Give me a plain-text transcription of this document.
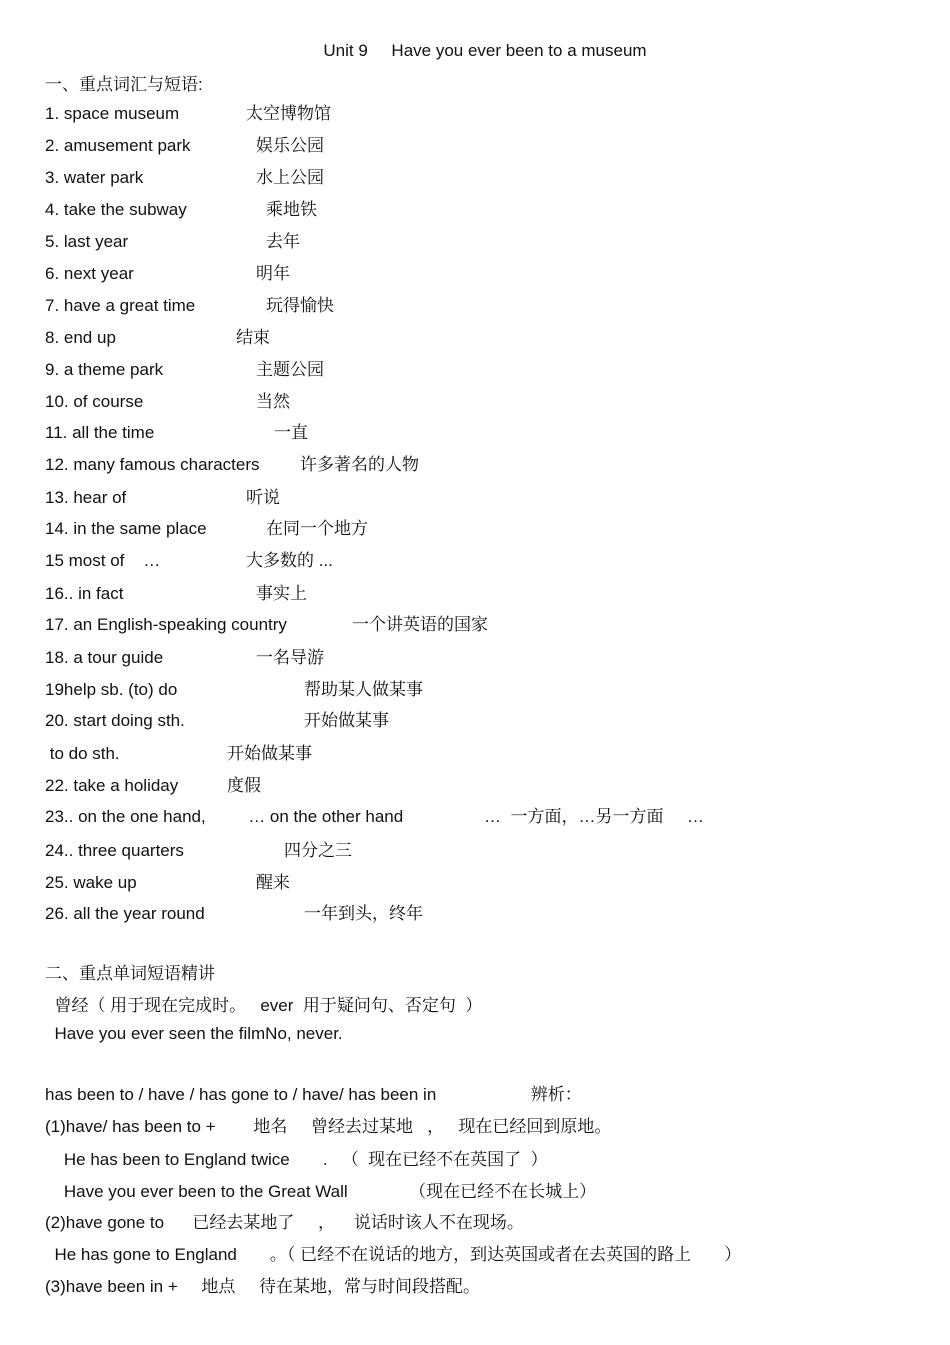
Unit 9     Have you ever been to a museum
一、重点词汇与短语:
1. space museum	太空博物馆
2. amusement park	娱乐公园
3. water park	水上公园
4. take the subway	乘地铁
5. last year	去年
6. next year	明年
7. have a great time	玩得愉快
8. end up	结束
9. a theme park	主题公园
10. of course	当然
11. all the time	一直
12. many famous characters 许多著名的人物
13. hear of	听说
14. in the same place	在同一个地方
15 most of    …	大多数的 ...
16.. in fact	事实上
17. an English-speaking country	一个讲英语的国家
18. a tour guide	一名导游
19help sb. (to) do	帮助某人做某事
20. start doing sth.	开始做某事
to do sth.	开始做某事
22. take a holiday	度假
23.. on the one hand,         … on the other hand	…  一方面，…另一方面     …
24.. three quarters	四分之三
25. wake up	醒来
26. all the year round	一年到头，终年
二、重点单词短语精讲
曾经（ 用于现在完成时。   ever  用于疑问句、否定句  ）
Have you ever seen the filmNo, never.
has been to / have / has gone to / have/ has been in                    辨析：
(1)have/ has been to +        地名     曾经去过某地   ，   现在已经回到原地。
He has been to England twice       .   （  现在已经不在英国了  ）
Have you ever been to the Great Wall             （现在已经不在长城上）
(2)have gone to      已经去某地了     ，    说话时该人不在现场。
He has gone to England       。（ 已经不在说话的地方，到达英国或者在去英国的路上       ）
(3)have been in +     地点     待在某地，常与时间段搭配。
